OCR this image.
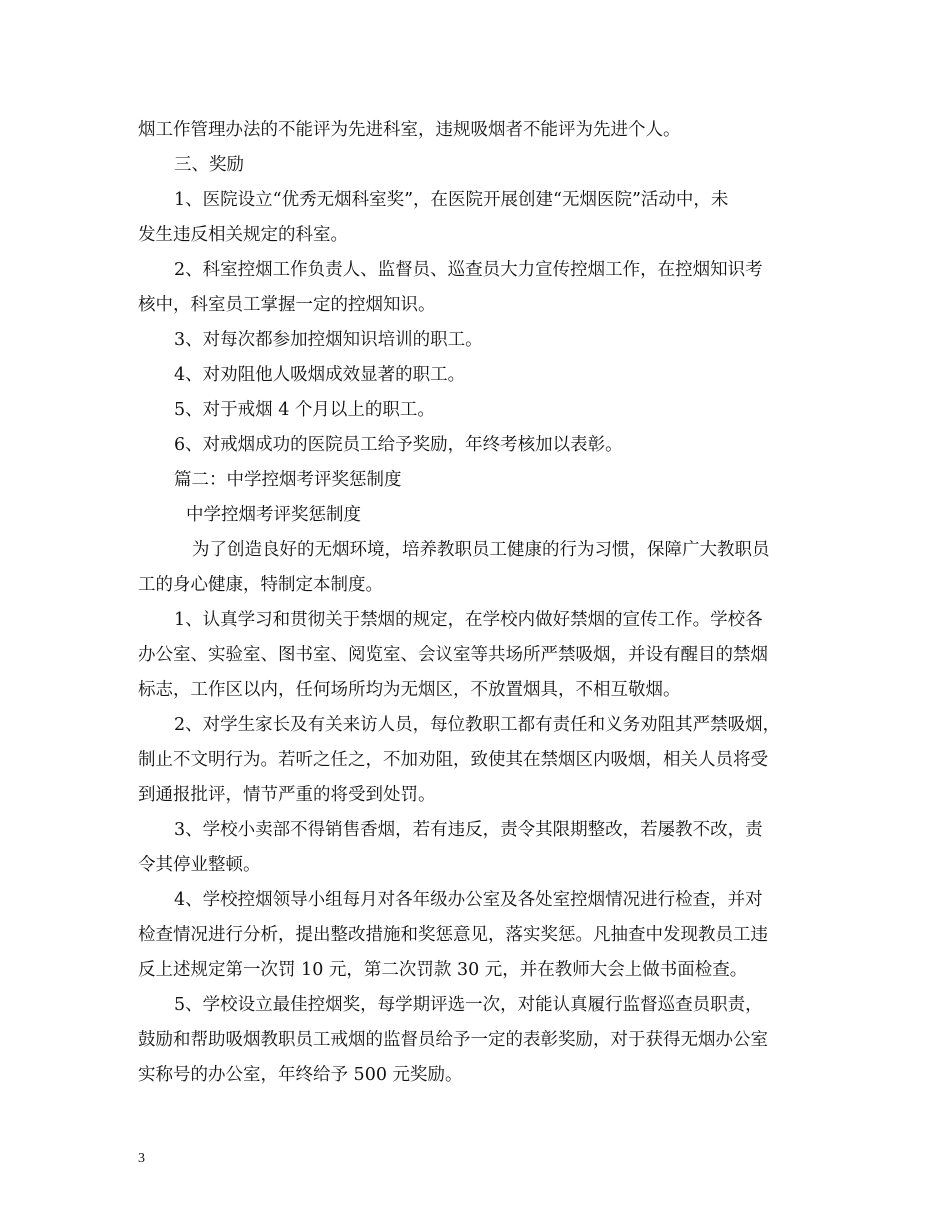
烟工作管理办法的不能评为先进科室，违规吸烟者不能评为先进个人。
三、奖励
1、医院设立“优秀无烟科室奖”，在医院开展创建“无烟医院”活动中，未
发生违反相关规定的科室。
2、科室控烟工作负责人、监督员、巡查员大力宣传控烟工作，在控烟知识考
核中，科室员工掌握一定的控烟知识。
3、对每次都参加控烟知识培训的职工。
4、对劝阻他人吸烟成效显著的职工。
5、对于戒烟 4 个月以上的职工。
6、对戒烟成功的医院员工给予奖励，年终考核加以表彰。
篇二：中学控烟考评奖惩制度
中学控烟考评奖惩制度
为了创造良好的无烟环境，培养教职员工健康的行为习惯，保障广大教职员
工的身心健康，特制定本制度。
1、认真学习和贯彻关于禁烟的规定，在学校内做好禁烟的宣传工作。学校各
办公室、实验室、图书室、阅览室、会议室等共场所严禁吸烟，并设有醒目的禁烟
标志，工作区以内，任何场所均为无烟区，不放置烟具，不相互敬烟。
2、对学生家长及有关来访人员，每位教职工都有责任和义务劝阻其严禁吸烟，
制止不文明行为。若听之任之，不加劝阻，致使其在禁烟区内吸烟，相关人员将受
到通报批评，情节严重的将受到处罚。
3、学校小卖部不得销售香烟，若有违反，责令其限期整改，若屡教不改，责
令其停业整顿。
4、学校控烟领导小组每月对各年级办公室及各处室控烟情况进行检查，并对
检查情况进行分析，提出整改措施和奖惩意见，落实奖惩。凡抽查中发现教员工违
反上述规定第一次罚 10 元，第二次罚款 30 元，并在教师大会上做书面检查。
5、学校设立最佳控烟奖，每学期评选一次，对能认真履行监督巡查员职责，
鼓励和帮助吸烟教职员工戒烟的监督员给予一定的表彰奖励，对于获得无烟办公室
实称号的办公室，年终给予 500 元奖励。
3
